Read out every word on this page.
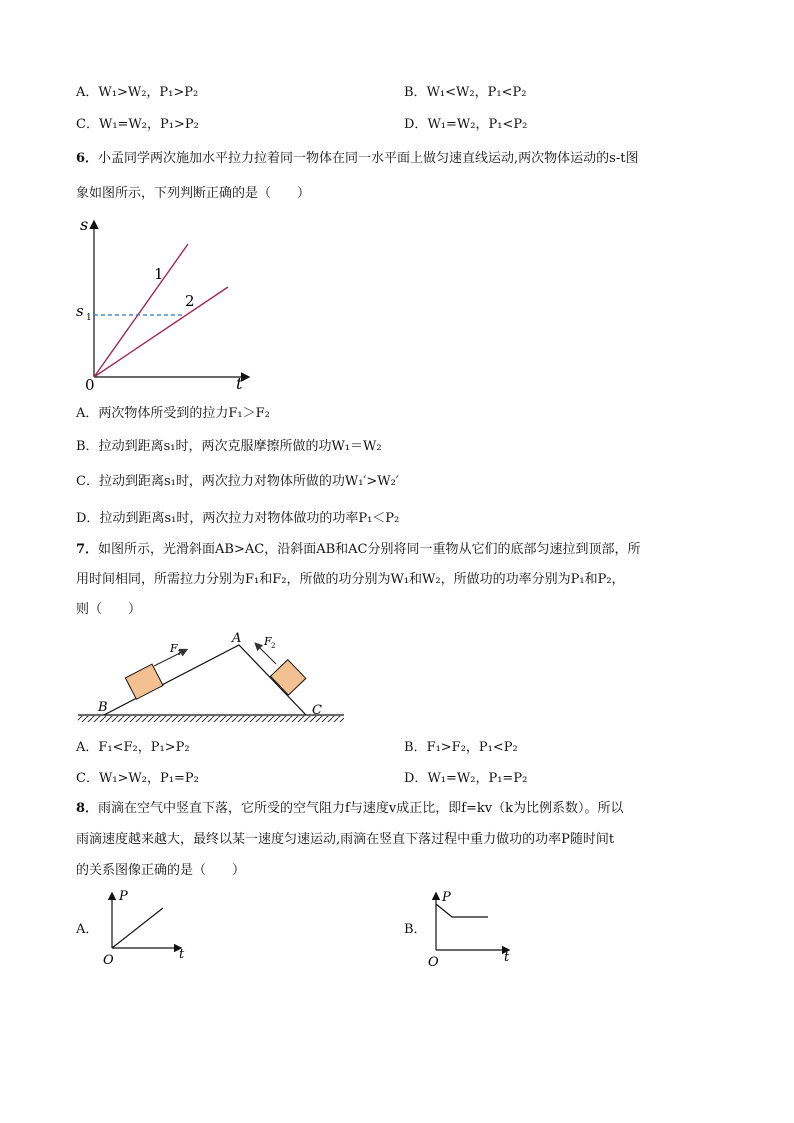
A．W₁>W₂，P₁>P₂	B．W₁<W₂，P₁<P₂
C．W₁=W₂，P₁>P₂	D．W₁=W₂，P₁<P₂
6．小孟同学两次施加水平拉力拉着同一物体在同一水平面上做匀速直线运动,两次物体运动的s-t图
象如图所示，下列判断正确的是（　　）
s
t
0
s 1
1
2
A．两次物体所受到的拉力F₁＞F₂
B．拉动到距离s₁时，两次克服摩擦所做的功W₁＝W₂
C．拉动到距离s₁时，两次拉力对物体所做的功W₁′>W₂′
D．拉动到距离s₁时，两次拉力对物体做功的功率P₁＜P₂
7．如图所示，光滑斜面AB>AC，沿斜面AB和AC分别将同一重物从它们的底部匀速拉到顶部，所
用时间相同，所需拉力分别为F₁和F₂，所做的功分别为W₁和W₂，所做功的功率分别为P₁和P₂，
则（　　）
A
B	C
F 1
F 2
A．F₁<F₂，P₁>P₂	B．F₁>F₂，P₁<P₂
C．W₁>W₂，P₁=P₂	D．W₁=W₂，P₁=P₂
8．雨滴在空气中竖直下落，它所受的空气阻力f与速度v成正比，即f=kv（k为比例系数）。所以
雨滴速度越来越大，最终以某一速度匀速运动,雨滴在竖直下落过程中重力做功的功率P随时间t
的关系图像正确的是（　　）
A．
P
t
O
B．
P
t
O
